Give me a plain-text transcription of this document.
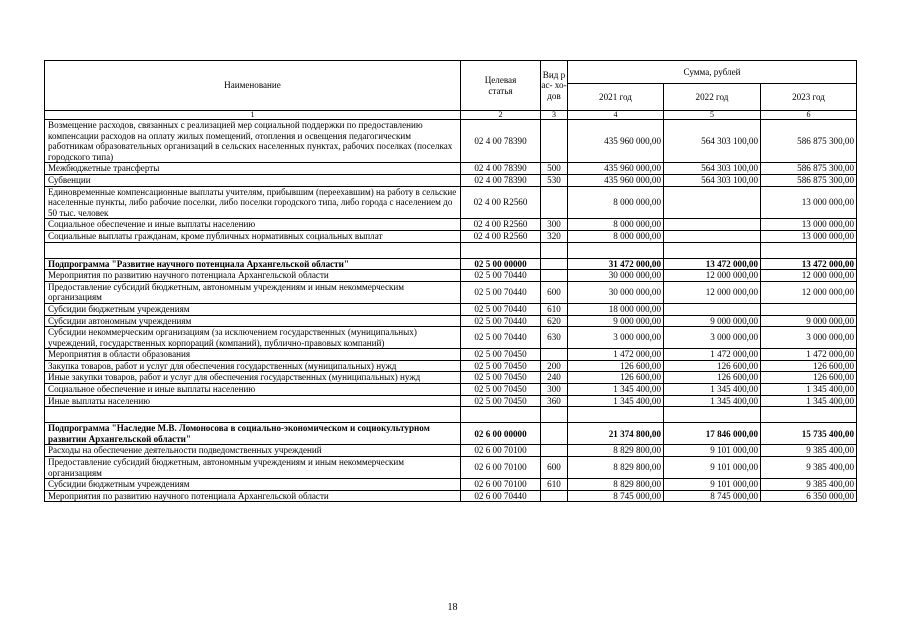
Наименование	Целевая статья	Вид рас- хо- дов	Сумма, рублей		
			2021 год	2022 год	2023 год
1	2	3	4	5	6
Возмещение расходов, связанных с реализацией мер социальной поддержки по предоставлению компенсации расходов на оплату жилых помещений, отопления и освещения педагогическим работникам образовательных организаций в сельских населенных пунктах, рабочих поселках (поселках городского типа)	02 4 00 78390		435 960 000,00	564 303 100,00	586 875 300,00
Межбюджетные трансферты	02 4 00 78390	500	435 960 000,00	564 303 100,00	586 875 300,00
Субвенции	02 4 00 78390	530	435 960 000,00	564 303 100,00	586 875 300,00
Единовременные компенсационные выплаты учителям, прибывшим (переехавшим) на работу в сельские населенные пункты, либо рабочие поселки, либо поселки городского типа, либо города с населением до 50 тыс. человек	02 4 00 R2560		8 000 000,00		13 000 000,00
Социальное обеспечение и иные выплаты населению	02 4 00 R2560	300	8 000 000,00		13 000 000,00
Социальные выплаты гражданам, кроме публичных нормативных социальных выплат	02 4 00 R2560	320	8 000 000,00		13 000 000,00

Подпрограмма "Развитие научного потенциала Архангельской области"	02 5 00 00000		31 472 000,00	13 472 000,00	13 472 000,00
Мероприятия по развитию научного потенциала Архангельской области	02 5 00 70440		30 000 000,00	12 000 000,00	12 000 000,00
Предоставление субсидий бюджетным, автономным учреждениям и иным некоммерческим организациям	02 5 00 70440	600	30 000 000,00	12 000 000,00	12 000 000,00
Субсидии бюджетным учреждениям	02 5 00 70440	610	18 000 000,00		
Субсидии автономным учреждениям	02 5 00 70440	620	9 000 000,00	9 000 000,00	9 000 000,00
Субсидии некоммерческим организациям (за исключением государственных (муниципальных) учреждений, государственных корпораций (компаний), публично-правовых компаний)	02 5 00 70440	630	3 000 000,00	3 000 000,00	3 000 000,00
Мероприятия в области образования	02 5 00 70450		1 472 000,00	1 472 000,00	1 472 000,00
Закупка товаров, работ и услуг для обеспечения государственных (муниципальных) нужд	02 5 00 70450	200	126 600,00	126 600,00	126 600,00
Иные закупки товаров, работ и услуг для обеспечения государственных (муниципальных) нужд	02 5 00 70450	240	126 600,00	126 600,00	126 600,00
Социальное обеспечение и иные выплаты населению	02 5 00 70450	300	1 345 400,00	1 345 400,00	1 345 400,00
Иные выплаты населению	02 5 00 70450	360	1 345 400,00	1 345 400,00	1 345 400,00

Подпрограмма "Наследие М.В. Ломоносова в социально-экономическом и социокультурном развитии Архангельской области"	02 6 00 00000		21 374 800,00	17 846 000,00	15 735 400,00
Расходы на обеспечение деятельности подведомственных учреждений	02 6 00 70100		8 829 800,00	9 101 000,00	9 385 400,00
Предоставление субсидий бюджетным, автономным учреждениям и иным некоммерческим организациям	02 6 00 70100	600	8 829 800,00	9 101 000,00	9 385 400,00
Субсидии бюджетным учреждениям	02 6 00 70100	610	8 829 800,00	9 101 000,00	9 385 400,00
Мероприятия по развитию научного потенциала Архангельской области	02 6 00 70440		8 745 000,00	8 745 000,00	6 350 000,00
18
